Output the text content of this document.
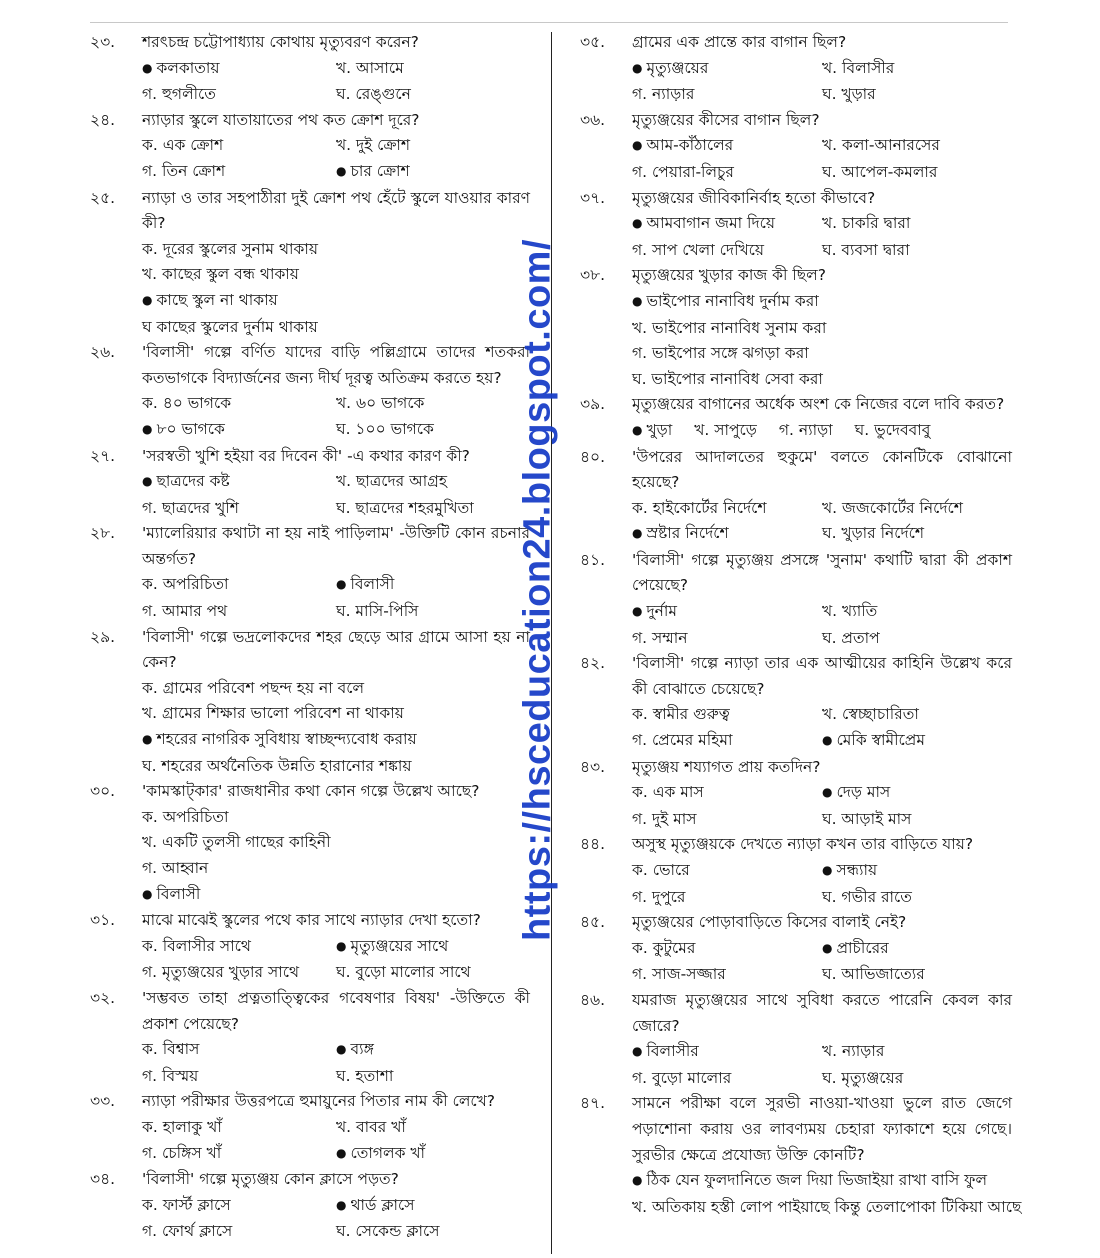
২৩. শরৎচন্দ্র চট্টোপাধ্যায় কোথায় মৃত্যুবরণ করেন?
● কলকাতায়	খ. আসামে
গ. হুগলীতে	ঘ. রেঙ্গুনে
২৪. ন্যাড়ার স্কুলে যাতায়াতের পথ কত ক্রোশ দূরে?
ক. এক ক্রোশ	খ. দুই ক্রোশ
গ. তিন ক্রোশ	● চার ক্রোশ
২৫. ন্যাড়া ও তার সহপাঠীরা দুই ক্রোশ পথ হেঁটে স্কুলে যাওয়ার কারণ কী?
ক. দূরের স্কুলের সুনাম থাকায়
খ. কাছের স্কুল বন্ধ থাকায়
● কাছে স্কুল না থাকায়
ঘ কাছের স্কুলের দুর্নাম থাকায়
২৬. 'বিলাসী' গল্পে বর্ণিত যাদের বাড়ি পল্লিগ্রামে তাদের শতকরা কতভাগকে বিদ্যার্জনের জন্য দীর্ঘ দূরত্ব অতিক্রম করতে হয়?
ক. ৪০ ভাগকে	খ. ৬০ ভাগকে
● ৮০ ভাগকে	ঘ. ১০০ ভাগকে
২৭. 'সরস্বতী খুশি হইয়া বর দিবেন কী' -এ কথার কারণ কী?
● ছাত্রদের কষ্ট	খ. ছাত্রদের আগ্রহ
গ. ছাত্রদের খুশি	ঘ. ছাত্রদের শহরমুখিতা
২৮. 'ম্যালেরিয়ার কথাটা না হয় নাই পাড়িলাম' -উক্তিটি কোন রচনার অন্তর্গত?
ক. অপরিচিতা	● বিলাসী
গ. আমার পথ	ঘ. মাসি-পিসি
২৯. 'বিলাসী' গল্পে ভদ্রলোকদের শহর ছেড়ে আর গ্রামে আসা হয় না কেন?
ক. গ্রামের পরিবেশ পছন্দ হয় না বলে
খ. গ্রামের শিক্ষার ভালো পরিবেশ না থাকায়
● শহরের নাগরিক সুবিধায় স্বাচ্ছন্দ্যবোধ করায়
ঘ. শহরের অর্থনৈতিক উন্নতি হারানোর শঙ্কায়
৩০. 'কামস্কাট্‌কার' রাজধানীর কথা কোন গল্পে উল্লেখ আছে?
ক. অপরিচিতা
খ. একটি তুলসী গাছের কাহিনী
গ. আহ্বান
● বিলাসী
৩১. মাঝে মাঝেই স্কুলের পথে কার সাথে ন্যাড়ার দেখা হতো?
ক. বিলাসীর সাথে	● মৃত্যুঞ্জয়ের সাথে
গ. মৃত্যুঞ্জয়ের খুড়ার সাথে	ঘ. বুড়ো মালোর সাথে
৩২. 'সম্ভবত তাহা প্রত্নতাত্ত্বিকের গবেষণার বিষয়' -উক্তিতে কী প্রকাশ পেয়েছে?
ক. বিশ্বাস	● ব্যঙ্গ
গ. বিস্ময়	ঘ. হতাশা
৩৩. ন্যাড়া পরীক্ষার উত্তরপত্রে হুমায়ুনের পিতার নাম কী লেখে?
ক. হালাকু খাঁ	খ. বাবর খাঁ
গ. চেঙ্গিস খাঁ	● তোগলক খাঁ
৩৪. 'বিলাসী' গল্পে মৃত্যুঞ্জয় কোন ক্লাসে পড়ত?
ক. ফার্স্ট ক্লাসে	● থার্ড ক্লাসে
গ. ফোর্থ ক্লাসে	ঘ. সেকেন্ড ক্লাসে
৩৫. গ্রামের এক প্রান্তে কার বাগান ছিল?
● মৃত্যুঞ্জয়ের	খ. বিলাসীর
গ. ন্যাড়ার	ঘ. খুড়ার
৩৬. মৃত্যুঞ্জয়ের কীসের বাগান ছিল?
● আম-কাঁঠালের	খ. কলা-আনারসের
গ. পেয়ারা-লিচুর	ঘ. আপেল-কমলার
৩৭. মৃত্যুঞ্জয়ের জীবিকানির্বাহ হতো কীভাবে?
● আমবাগান জমা দিয়ে	খ. চাকরি দ্বারা
গ. সাপ খেলা দেখিয়ে	ঘ. ব্যবসা দ্বারা
৩৮. মৃত্যুঞ্জয়ের খুড়ার কাজ কী ছিল?
● ভাইপোর নানাবিধ দুর্নাম করা
খ. ভাইপোর নানাবিধ সুনাম করা
গ. ভাইপোর সঙ্গে ঝগড়া করা
ঘ. ভাইপোর নানাবিধ সেবা করা
৩৯. মৃত্যুঞ্জয়ের বাগানের অর্ধেক অংশ কে নিজের বলে দাবি করত?
● খুড়া খ. সাপুড়ে গ. ন্যাড়া ঘ. ভুদেববাবু
৪০. 'উপরের আদালতের হুকুমে' বলতে কোনটিকে বোঝানো হয়েছে?
ক. হাইকোর্টের নির্দেশে	খ. জজকোর্টের নির্দেশে
● স্রষ্টার নির্দেশে	ঘ. খুড়ার নির্দেশে
৪১. 'বিলাসী' গল্পে মৃত্যুঞ্জয় প্রসঙ্গে 'সুনাম' কথাটি দ্বারা কী প্রকাশ পেয়েছে?
● দুর্নাম	খ. খ্যাতি
গ. সম্মান	ঘ. প্রতাপ
৪২. 'বিলাসী' গল্পে ন্যাড়া তার এক আত্মীয়ের কাহিনি উল্লেখ করে কী বোঝাতে চেয়েছে?
ক. স্বামীর গুরুত্ব	খ. স্বেচ্ছাচারিতা
গ. প্রেমের মহিমা	● মেকি স্বামীপ্রেম
৪৩. মৃত্যুঞ্জয় শয্যাগত প্রায় কতদিন?
ক. এক মাস	● দেড় মাস
গ. দুই মাস	ঘ. আড়াই মাস
৪৪. অসুস্থ মৃত্যুঞ্জয়কে দেখতে ন্যাড়া কখন তার বাড়িতে যায়?
ক. ভোরে	● সন্ধ্যায়
গ. দুপুরে	ঘ. গভীর রাতে
৪৫. মৃত্যুঞ্জয়ের পোড়াবাড়িতে কিসের বালাই নেই?
ক. কুটুমের	● প্রাচীরের
গ. সাজ-সজ্জার	ঘ. আভিজাত্যের
৪৬. যমরাজ মৃত্যুঞ্জয়ের সাথে সুবিধা করতে পারেনি কেবল কার জোরে?
● বিলাসীর	খ. ন্যাড়ার
গ. বুড়ো মালোর	ঘ. মৃত্যুঞ্জয়ের
৪৭. সামনে পরীক্ষা বলে সুরভী নাওয়া-খাওয়া ভুলে রাত জেগে পড়াশোনা করায় ওর লাবণ্যময় চেহারা ফ্যাকাশে হয়ে গেছে। সুরভীর ক্ষেত্রে প্রযোজ্য উক্তি কোনটি?
● ঠিক যেন ফুলদানিতে জল দিয়া ভিজাইয়া রাখা বাসি ফুল
খ. অতিকায় হস্তী লোপ পাইয়াছে কিন্তু তেলাপোকা টিকিয়া আছে
https://hsceducation24.blogspot.com/
